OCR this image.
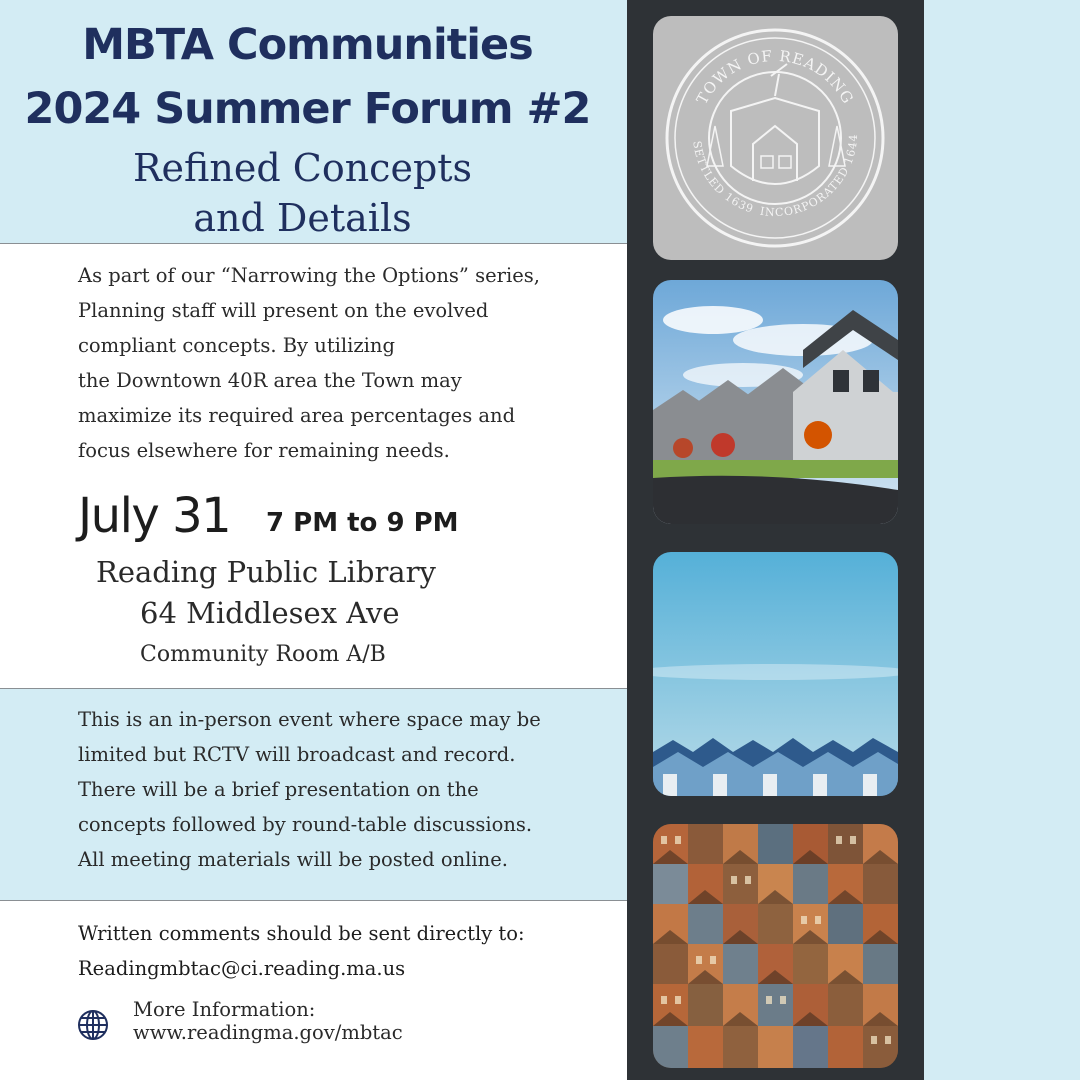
MBTA Communities
2024 Summer Forum #2
Refined Concepts
and Details
As part of our “Narrowing the Options” series,
Planning staff will present on the evolved
compliant concepts. By utilizing
the Downtown 40R area the Town may
maximize its required area percentages and
focus elsewhere for remaining needs.
July 31 7 PM to 9 PM
Reading Public Library
64 Middlesex Ave
Community Room A/B
This is an in-person event where space may be
limited but RCTV will broadcast and record.
There will be a brief presentation on the
concepts followed by round-table discussions.
All meeting materials will be posted online.
Written comments should be sent directly to:
Readingmbtac@ci.reading.ma.us
More Information:
www.readingma.gov/mbtac
TOWN OF READING
SETTLED 1639 INCORPORATED 1644
